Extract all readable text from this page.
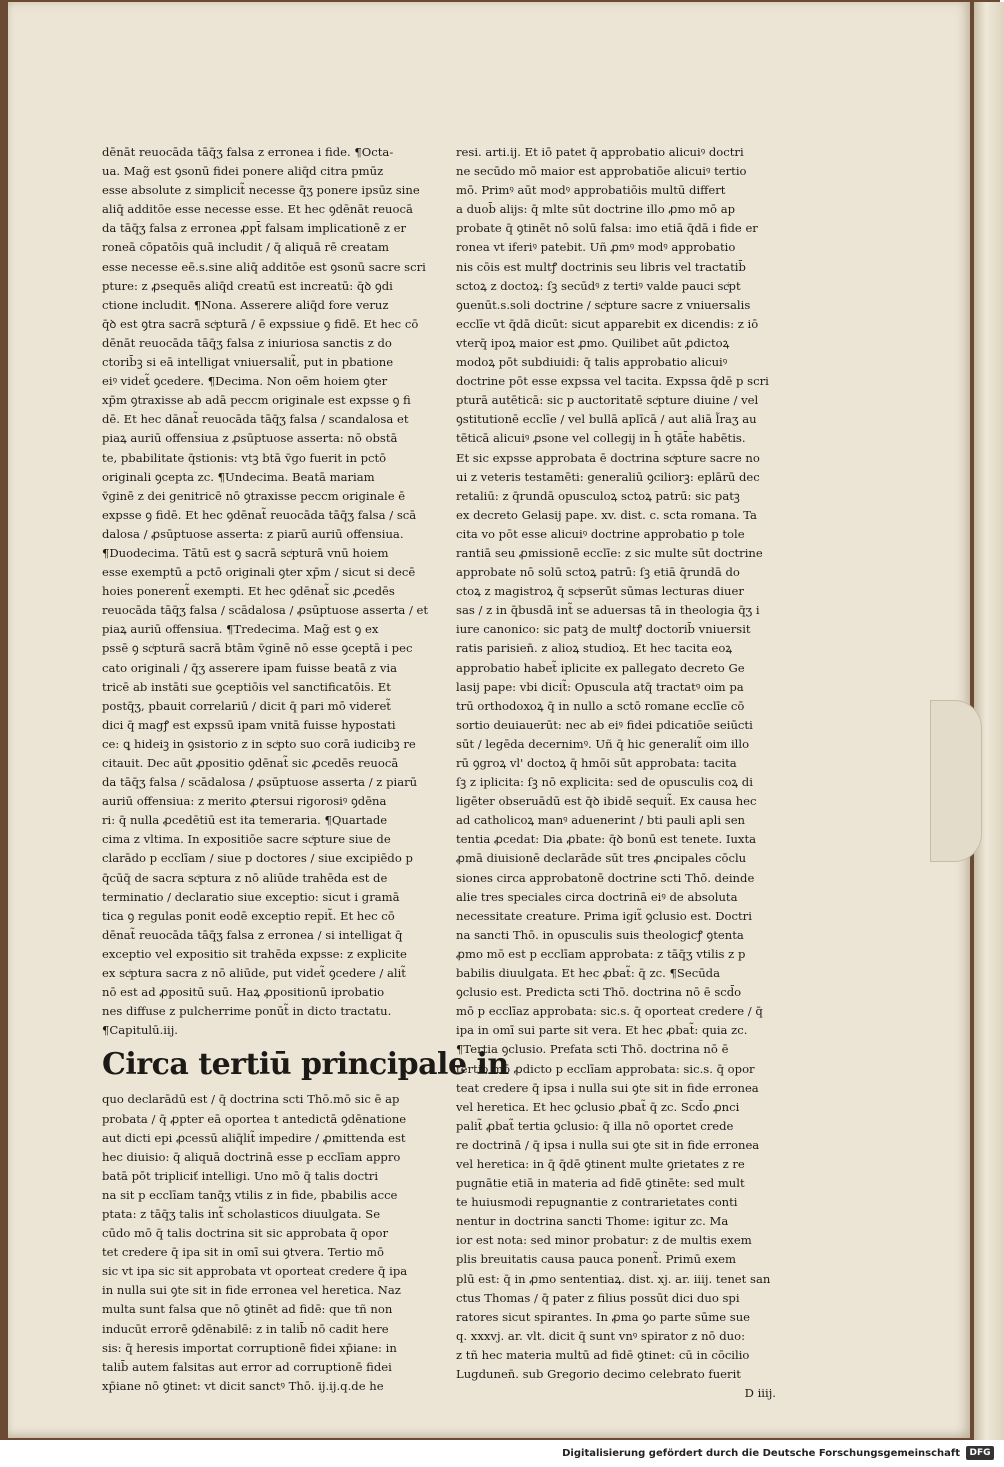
dēnāt reuocāda tāq̄ʒ falsa z erronea i fide. ¶Octa-
ua. Mag̃ est ꝯsonū fidei ponere aliq̄d citra pmūz
esse absolute z simplicit̃ necesse q̄ʒ ponere ipsūz sine
aliq̄ additōe esse necesse esse. Et hec ꝯdēnāt reuocā
da tāq̄ʒ falsa z erronea ꝓpt̄ falsam implicationē z er
roneā cōpatōis quā includit / q̄ aliquā rē creatam
esse necesse eē.s.sine aliq̄ additōe est ꝯsonū sacre scri
pture: z ꝓsequēs aliq̄d creatū est increatū: q̄ꝺ ꝯdi
ctione includit. ¶Nona. Asserere aliq̄d fore veruz
q̄ꝺ est ꝯtra sacrā scͥpturā / ē expssiue ꝯ fidē. Et hec cō
dēnāt reuocāda tāq̄ʒ falsa z iniuriosa sanctis z do
ctorib̄ꝫ si eā intelligat vniuersalit̃, put in pbatione
eiꝰ videt̃ ꝯcedere. ¶Decima. Non oēm hoiem ꝯter
xp̄m ꝯtraxisse ab adā peccm originale est expsse ꝯ fi
dē. Et hec dānat̃ reuocāda tāq̄ʒ falsa / scandalosa et
piaꝝ auriū offensiua z ꝓsūptuose asserta: nō obstā
te, pbabilitate q̄stionis: vtꝫ btā v̄go fuerit in pctō
originali ꝯcepta zc. ¶Undecima. Beatā mariam
v̄ginē z dei genitricē nō ꝯtraxisse peccm originale ē
expsse ꝯ fidē. Et hec ꝯdēnat̃ reuocāda tāq̄ʒ falsa / scā
dalosa / ꝓsūptuose asserta: z piarū auriū offensiua.
¶Duodecima. Tātū est ꝯ sacrā scͥpturā vnū hoiem
esse exemptū a pctō originali ꝯter xp̄m / sicut si decē
hoies ponerent̃ exempti. Et hec ꝯdēnat̃ sic ꝓcedēs
reuocāda tāq̄ʒ falsa / scādalosa / ꝓsūptuose asserta / et
piaꝝ auriū offensiua. ¶Tredecima. Mag̃ est ꝯ ex
pssē ꝯ scͥpturā sacrā btām v̄ginē nō esse ꝯceptā i pec
cato originali / q̄ʒ asserere ipam fuisse beatā z via
tricē ab instāti sue ꝯceptiōis vel sanctificatōis. Et
postq̄ʒ, pbauit correlariū / dicit q̄ pari mō videret̃
dici q̄ magꝭ est expssū ipam vnitā fuisse hypostati
ce: ꝗ hideiꝫ in ꝯsistorio z in scͥpto suo corā iudicibꝫ re
citauit. Dec aūt ꝓpositio ꝯdēnat̃ sic ꝓcedēs reuocā
da tāq̄ʒ falsa / scādalosa / ꝓsūptuose asserta / z piarū
auriū offensiua: z merito ꝓtersui rigorosiꝰ ꝯdēna
ri: q̄ nulla ꝓcedētiū est ita temeraria. ¶Quartade
cima z vltima. In expositiōe sacre scͥpture siue de
clarādo p ecclīam / siue p doctores / siue excipiēdo p
q̄cūq̄ de sacra scͥptura z nō aliūde trahēda est de
terminatio / declaratio siue exceptio: sicut i gramā
tica ꝯ regulas ponit eodē exceptio repit̃. Et hec cō
dēnat̃ reuocāda tāq̄ʒ falsa z erronea / si intelligat q̄
exceptio vel expositio sit trahēda expsse: z explicite
ex scͥptura sacra z nō aliūde, put videt̃ ꝯcedere / alit̃
nō est ad ꝓpositū suū. Haꝝ ꝓpositionū iprobatio
nes diffuse z pulcherrime ponūt̃ in dicto tractatu.
¶Capitulū.iij.
Circa tertiū principale in
quo declarādū est / q̄ doctrina scti Thō.mō sic ē ap
probata / q̄ ꝓpter eā oportea t antedictā ꝯdēnatione
aut dicti epi ꝓcessū aliq̄lit̃ impedire / ꝓmittenda est
hec diuisio: q̄ aliquā doctrinā esse p ecclīam appro
batā pōt tripliciť intelligi. Uno mō q̄ talis doctri
na sit p ecclīam tanq̄ʒ vtilis z in fide, pbabilis acce
ptata: z tāq̄ʒ talis int̃ scholasticos diuulgata. Se
cūdo mō q̄ talis doctrina sit sic approbata q̄ opor
tet credere q̄ ipa sit in omī sui ꝯtvera. Tertio mō
sic vt ipa sic sit approbata vt oporteat credere q̄ ipa
in nulla sui ꝯte sit in fide erronea vel heretica. Naz
multa sunt falsa que nō ꝯtinēt ad fidē: que tñ non
inducūt errorē ꝯdēnabilē: z in talib̄ nō cadit here
sis: q̄ heresis importat corruptionē fidei xp̄iane: in
talib̄ autem falsitas aut error ad corruptionē fidei
xp̄iane nō ꝯtinet: vt dicit sanctꝰ Thō. ij.ij.q.de he
resi. arti.ij. Et iō patet q̄ approbatio alicuiꝰ doctri
ne secūdo mō maior est approbatiōe alicuiꝰ tertio
mō. Primꝰ aūt modꝰ approbatiōis multū differt
a duob̄ alijs: q̄ mlte sūt doctrine illo ꝓmo mō ap
probate q̄ ꝯtinēt nō solū falsa: imo etiā q̄dā i fide er
ronea vt iferiꝰ patebit. Uñ ꝓmꝰ modꝰ approbatio
nis cōis est multꝭ doctrinis seu libris vel tractatib̄
sctoꝝ z doctoꝝ: ſꝫ secūdꝰ z tertiꝰ valde pauci scͥpt
ꝯuenūt.s.soli doctrine / scͥpture sacre z vniuersalis
ecclīe vt q̄dā dicūt: sicut apparebit ex dicendis: z iō
vterq̄ ipoꝝ maior est ꝓmo. Quilibet aūt ꝓdictoꝝ
modoꝝ pōt subdiuidi: q̄ talis approbatio alicuiꝰ
doctrine pōt esse expssa vel tacita. Expssa q̄dē p scri
pturā autēticā: sic p auctoritatē scͥpture diuine / vel
ꝯstitutionē ecclīe / vel bullā aplīcā / aut aliā l̃raʒ au
tēticā alicuiꝰ ꝓsone vel collegij in h̄ ꝯtāt̄e habētis.
Et sic expsse approbata ē doctrina scͥpture sacre no
ui z veteris testamēti: generaliū ꝯciliorꝫ: eplārū dec
retaliū: z q̄rundā opusculoꝝ sctoꝝ patrū: sic patꝫ
ex decreto Gelasij pape. xv. dist. c. scta romana. Ta
cita vo pōt esse alicuiꝰ doctrine approbatio p tole
rantiā seu ꝓmissionē ecclīe: z sic multe sūt doctrine
approbate nō solū sctoꝝ patrū: ſꝫ etiā q̄rundā do
ctoꝝ z magistroꝝ q̄ scͥpserūt sūmas lecturas diuer
sas / z in q̄busdā int̃ se aduersas tā in theologia q̄ʒ i
iure canonico: sic patꝫ de multꝭ doctorib̄ vniuersit
ratis parisien̄. z alioꝝ studioꝝ. Et hec tacita eoꝝ
approbatio habet̃ iplicite ex pallegato decreto Ge
lasij pape: vbi dicit̃: Opuscula atq̄ tractatꝰ oim pa
trū orthodoxoꝝ q̄ in nullo a sctō romane ecclīe cō
sortio deuiauerūt: nec ab eiꝰ fidei pdicatiōe seiūcti
sūt / legēda decernimꝰ. Uñ q̄ hic generalit̃ oim illo
rū ꝯgroꝝ vl' doctoꝝ q̄ hmōi sūt approbata: tacita
ſꝫ z iplicita: ſꝫ nō explicita: sed de opusculis coꝝ di
ligēter obseruādū est q̄ꝺ ibidē sequit̃. Ex causa hec
ad catholicoꝝ manꝰ aduenerint / bti pauli apli sen
tentia ꝓcedat: Dia ꝓbate: q̄ꝺ bonū est tenete. Iuxta
ꝓmā diuisionē declarāde sūt tres ꝓncipales cōclu
siones circa approbatonē doctrine scti Thō. deinde
alie tres speciales circa doctrinā eiꝰ de absoluta
necessitate creature. Prima igit̃ ꝯclusio est. Doctri
na sancti Thō. in opusculis suis theologicꝭ ꝯtenta
ꝓmo mō est p ecclīam approbata: z tāq̄ʒ vtilis z p
babilis diuulgata. Et hec ꝓbat̃: q̄ zc. ¶Secūda
ꝯclusio est. Predicta scti Thō. doctrina nō ē scd̄o
mō p ecclīaz approbata: sic.s. q̄ oporteat credere / q̄
ipa in omī sui parte sit vera. Et hec ꝓbat̃: quia zc.
¶Tertia ꝯclusio. Prefata scti Thō. doctrina nō ē
tertio mō ꝓdicto p ecclīam approbata: sic.s. q̄ opor
teat credere q̄ ipsa i nulla sui ꝯte sit in fide erronea
vel heretica. Et hec ꝯclusio ꝓbat̃ q̄ zc. Scd̄o ꝓnci
palit̃ ꝓbat̃ tertia ꝯclusio: q̄ illa nō oportet crede
re doctrinā / q̄ ipsa i nulla sui ꝯte sit in fide erronea
vel heretica: in q̄ q̄dē ꝯtinent multe ꝯrietates z re
pugnātie etiā in materia ad fidē ꝯtinēte: sed mult
te huiusmodi repugnantie z contrarietates conti
nentur in doctrina sancti Thome: igitur zc. Ma
ior est nota: sed minor probatur: z de multis exem
plis breuitatis causa pauca ponent̃. Primū exem
plū est: q̄ in ꝓmo sententiaꝝ. dist. xj. ar. iiij. tenet san
ctus Thomas / q̄ pater z filius possūt dici duo spi
ratores sicut spirantes. In ꝓma ꝯo parte sūme sue
q. xxxvj. ar. vlt. dicit q̄ sunt vnꝰ spirator z nō duo:
z tñ hec materia multū ad fidē ꝯtinet: cū in cōcilio
Lugdunen̄. sub Gregorio decimo celebrato fuerit
D iiij.
Digitalisierung gefördert durch die Deutsche Forschungsgemeinschaft	DFG
